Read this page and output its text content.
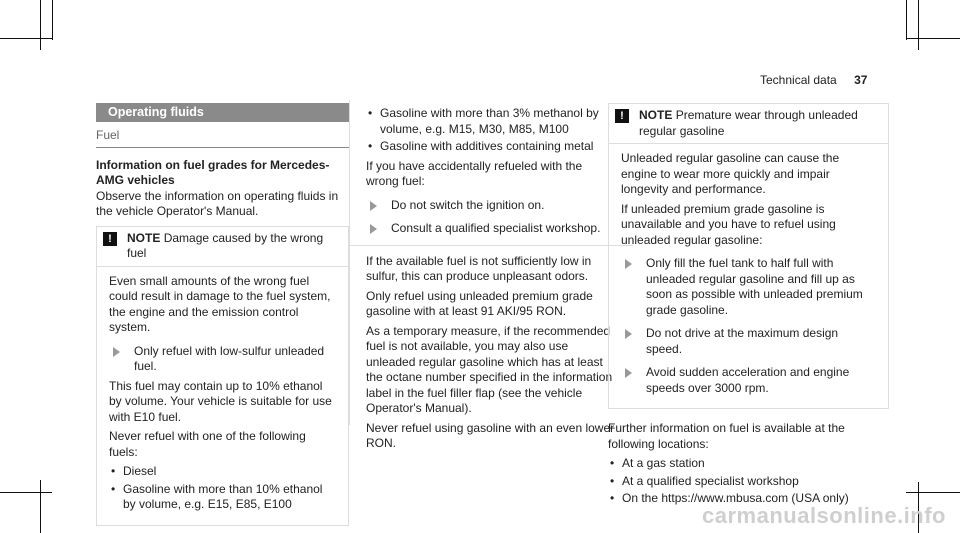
Technical data 37
Operating fluids
Fuel
Information on fuel grades for Mercedes-AMG vehicles

Observe the information on operating fluids in the vehicle Operator's Manual.

!	NOTE Damage caused by the wrong fuel

Even small amounts of the wrong fuel could result in damage to the fuel system, the engine and the emission control system.

Only refuel with low-sulfur unleaded fuel.

This fuel may contain up to 10% ethanol by volume. Your vehicle is suitable for use with E10 fuel.

Never refuel with one of the following fuels:

• Diesel
• Gasoline with more than 10% ethanol by volume, e.g. E15, E85, E100
• Gasoline with more than 3% methanol by volume, e.g. M15, M30, M85, M100
• Gasoline with additives containing metal

If you have accidentally refueled with the wrong fuel:

Do not switch the ignition on.
Consult a qualified specialist workshop.

If the available fuel is not sufficiently low in sulfur, this can produce unpleasant odors.

Only refuel using unleaded premium grade gasoline with at least 91 AKI/95 RON.

As a temporary measure, if the recommended fuel is not available, you may also use unleaded regular gasoline which has at least the octane number specified in the information label in the fuel filler flap (see the vehicle Operator's Manual).

Never refuel using gasoline with an even lower RON.

!	NOTE Premature wear through unleaded regular gasoline

Unleaded regular gasoline can cause the engine to wear more quickly and impair longevity and performance.

If unleaded premium grade gasoline is unavailable and you have to refuel using unleaded regular gasoline:

Only fill the fuel tank to half full with unleaded regular gasoline and fill up as soon as possible with unleaded premium grade gasoline.
Do not drive at the maximum design speed.
Avoid sudden acceleration and engine speeds over 3000 rpm.

Further information on fuel is available at the following locations:

• At a gas station
• At a qualified specialist workshop
• On the https://www.mbusa.com (USA only)
carmanualsonline.info
